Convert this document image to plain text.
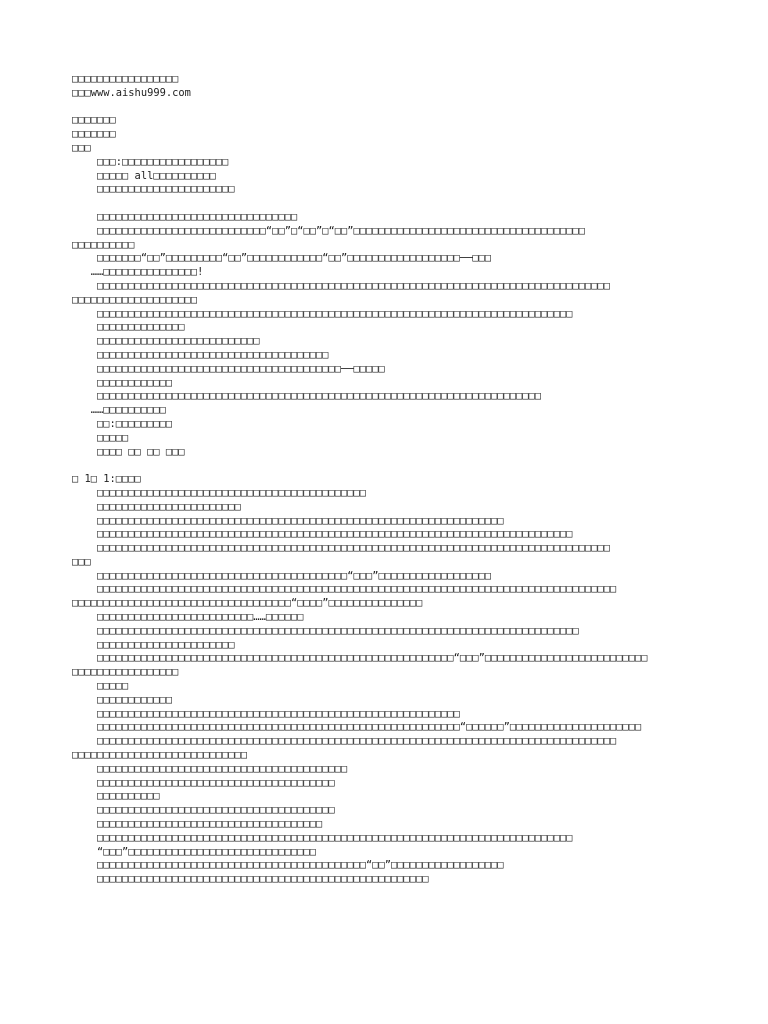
□□□□□□□□□□□□□□□□□
□□□www.aishu999.com
□□□□□□□
□□□□□□□
□□□
□□□:□□□□□□□□□□□□□□□□□
□□□□□ all□□□□□□□□□□
□□□□□□□□□□□□□□□□□□□□□□
□□□□□□□□□□□□□□□□□□□□□□□□□□□□□□□□
□□□□□□□□□□□□□□□□□□□□□□□□□□□“□□”□“□□”□“□□”□□□□□□□□□□□□□□□□□□□□□□□□□□□□□□□□□□□□□
□□□□□□□□□□
□□□□□□□“□□”□□□□□□□□□“□□”□□□□□□□□□□□□“□□”□□□□□□□□□□□□□□□□□□──□□□
……□□□□□□□□□□□□□□□!
□□□□□□□□□□□□□□□□□□□□□□□□□□□□□□□□□□□□□□□□□□□□□□□□□□□□□□□□□□□□□□□□□□□□□□□□□□□□□□□□□□
□□□□□□□□□□□□□□□□□□□□
□□□□□□□□□□□□□□□□□□□□□□□□□□□□□□□□□□□□□□□□□□□□□□□□□□□□□□□□□□□□□□□□□□□□□□□□□□□□
□□□□□□□□□□□□□□
□□□□□□□□□□□□□□□□□□□□□□□□□□
□□□□□□□□□□□□□□□□□□□□□□□□□□□□□□□□□□□□□
□□□□□□□□□□□□□□□□□□□□□□□□□□□□□□□□□□□□□□□──□□□□□
□□□□□□□□□□□□
□□□□□□□□□□□□□□□□□□□□□□□□□□□□□□□□□□□□□□□□□□□□□□□□□□□□□□□□□□□□□□□□□□□□□□□
……□□□□□□□□□□
□□:□□□□□□□□□
□□□□□
□□□□ □□ □□ □□□
□ 1□ 1:□□□□
□□□□□□□□□□□□□□□□□□□□□□□□□□□□□□□□□□□□□□□□□□□
□□□□□□□□□□□□□□□□□□□□□□□
□□□□□□□□□□□□□□□□□□□□□□□□□□□□□□□□□□□□□□□□□□□□□□□□□□□□□□□□□□□□□□□□□
□□□□□□□□□□□□□□□□□□□□□□□□□□□□□□□□□□□□□□□□□□□□□□□□□□□□□□□□□□□□□□□□□□□□□□□□□□□□
□□□□□□□□□□□□□□□□□□□□□□□□□□□□□□□□□□□□□□□□□□□□□□□□□□□□□□□□□□□□□□□□□□□□□□□□□□□□□□□□□□
□□□
□□□□□□□□□□□□□□□□□□□□□□□□□□□□□□□□□□□□□□□□“□□□”□□□□□□□□□□□□□□□□□□
□□□□□□□□□□□□□□□□□□□□□□□□□□□□□□□□□□□□□□□□□□□□□□□□□□□□□□□□□□□□□□□□□□□□□□□□□□□□□□□□□□□
□□□□□□□□□□□□□□□□□□□□□□□□□□□□□□□□□□□“□□□□”□□□□□□□□□□□□□□□
□□□□□□□□□□□□□□□□□□□□□□□□□……□□□□□□
□□□□□□□□□□□□□□□□□□□□□□□□□□□□□□□□□□□□□□□□□□□□□□□□□□□□□□□□□□□□□□□□□□□□□□□□□□□□□
□□□□□□□□□□□□□□□□□□□□□□
□□□□□□□□□□□□□□□□□□□□□□□□□□□□□□□□□□□□□□□□□□□□□□□□□□□□□□□□□“□□□”□□□□□□□□□□□□□□□□□□□□□□□□□□
□□□□□□□□□□□□□□□□□
□□□□□
□□□□□□□□□□□□
□□□□□□□□□□□□□□□□□□□□□□□□□□□□□□□□□□□□□□□□□□□□□□□□□□□□□□□□□□
□□□□□□□□□□□□□□□□□□□□□□□□□□□□□□□□□□□□□□□□□□□□□□□□□□□□□□□□□□“□□□□□□”□□□□□□□□□□□□□□□□□□□□□
□□□□□□□□□□□□□□□□□□□□□□□□□□□□□□□□□□□□□□□□□□□□□□□□□□□□□□□□□□□□□□□□□□□□□□□□□□□□□□□□□□□
□□□□□□□□□□□□□□□□□□□□□□□□□□□□
□□□□□□□□□□□□□□□□□□□□□□□□□□□□□□□□□□□□□□□□
□□□□□□□□□□□□□□□□□□□□□□□□□□□□□□□□□□□□□□
□□□□□□□□□□
□□□□□□□□□□□□□□□□□□□□□□□□□□□□□□□□□□□□□□
□□□□□□□□□□□□□□□□□□□□□□□□□□□□□□□□□□□□
□□□□□□□□□□□□□□□□□□□□□□□□□□□□□□□□□□□□□□□□□□□□□□□□□□□□□□□□□□□□□□□□□□□□□□□□□□□□
“□□□”□□□□□□□□□□□□□□□□□□□□□□□□□□□□□□
□□□□□□□□□□□□□□□□□□□□□□□□□□□□□□□□□□□□□□□□□□□“□□”□□□□□□□□□□□□□□□□□□
□□□□□□□□□□□□□□□□□□□□□□□□□□□□□□□□□□□□□□□□□□□□□□□□□□□□□
